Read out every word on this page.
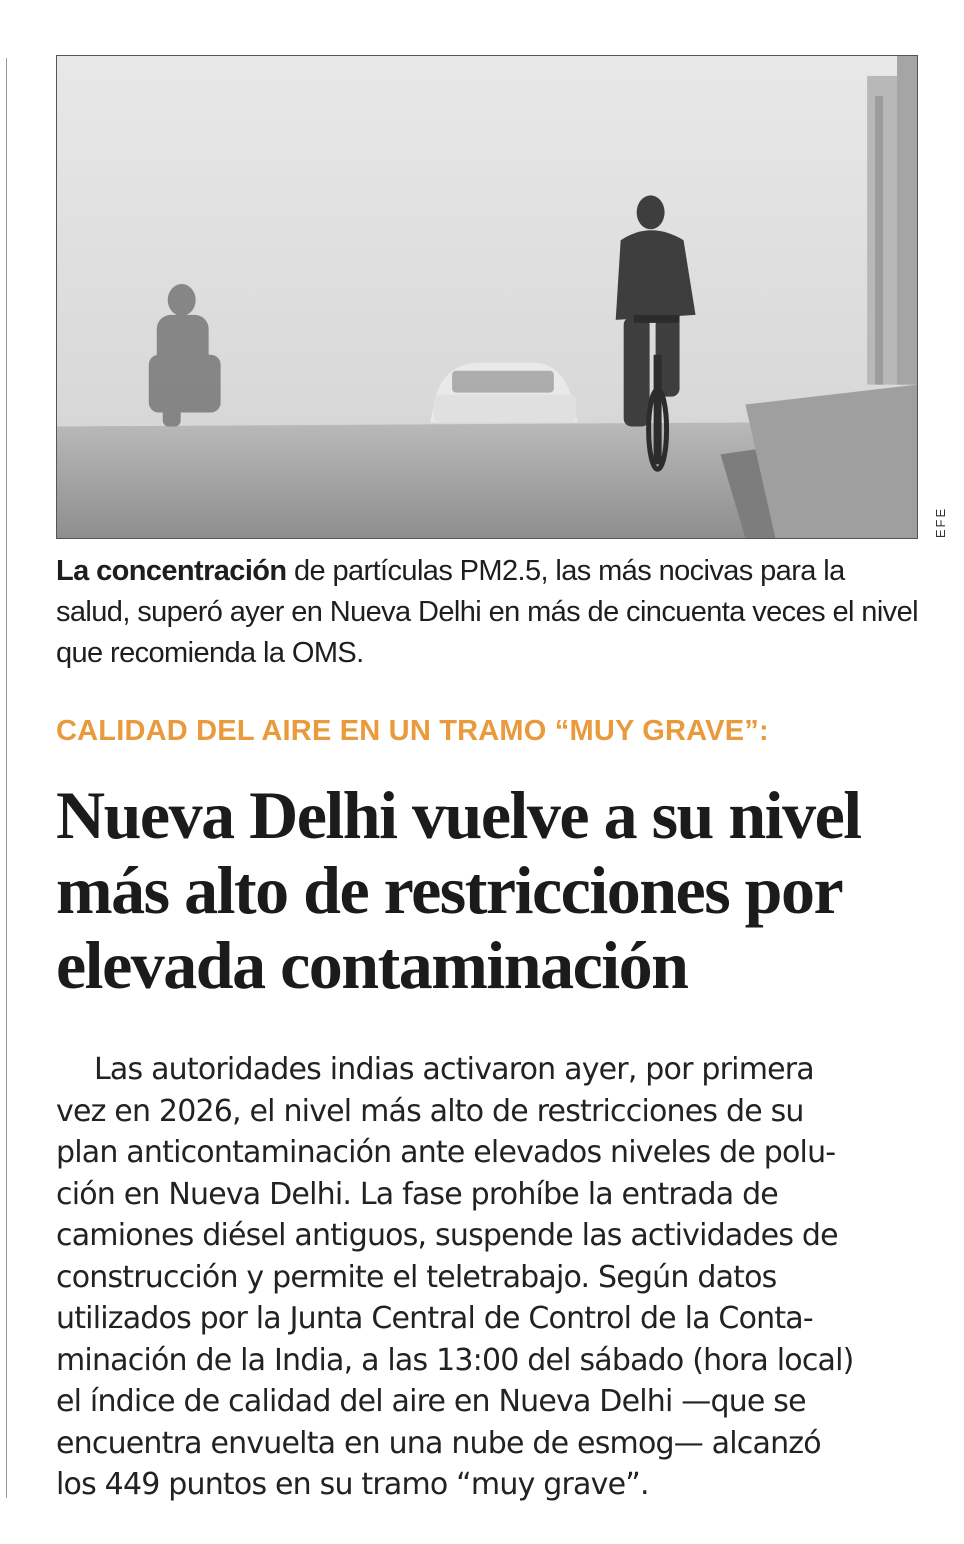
EFE
La concentración de partículas PM2.5, las más nocivas para la salud, superó ayer en Nueva Delhi en más de cincuenta veces el nivel que recomienda la OMS.
CALIDAD DEL AIRE EN UN TRAMO “MUY GRAVE”:
Nueva Delhi vuelve a su nivel
más alto de restricciones por
elevada contaminación
Las autoridades indias activaron ayer, por primera
vez en 2026, el nivel más alto de restricciones de su
plan anticontaminación ante elevados niveles de polu-
ción en Nueva Delhi. La fase prohíbe la entrada de
camiones diésel antiguos, suspende las actividades de
construcción y permite el teletrabajo. Según datos
utilizados por la Junta Central de Control de la Conta-
minación de la India, a las 13:00 del sábado (hora local)
el índice de calidad del aire en Nueva Delhi —que se
encuentra envuelta en una nube de esmog— alcanzó
los 449 puntos en su tramo “muy grave”.
